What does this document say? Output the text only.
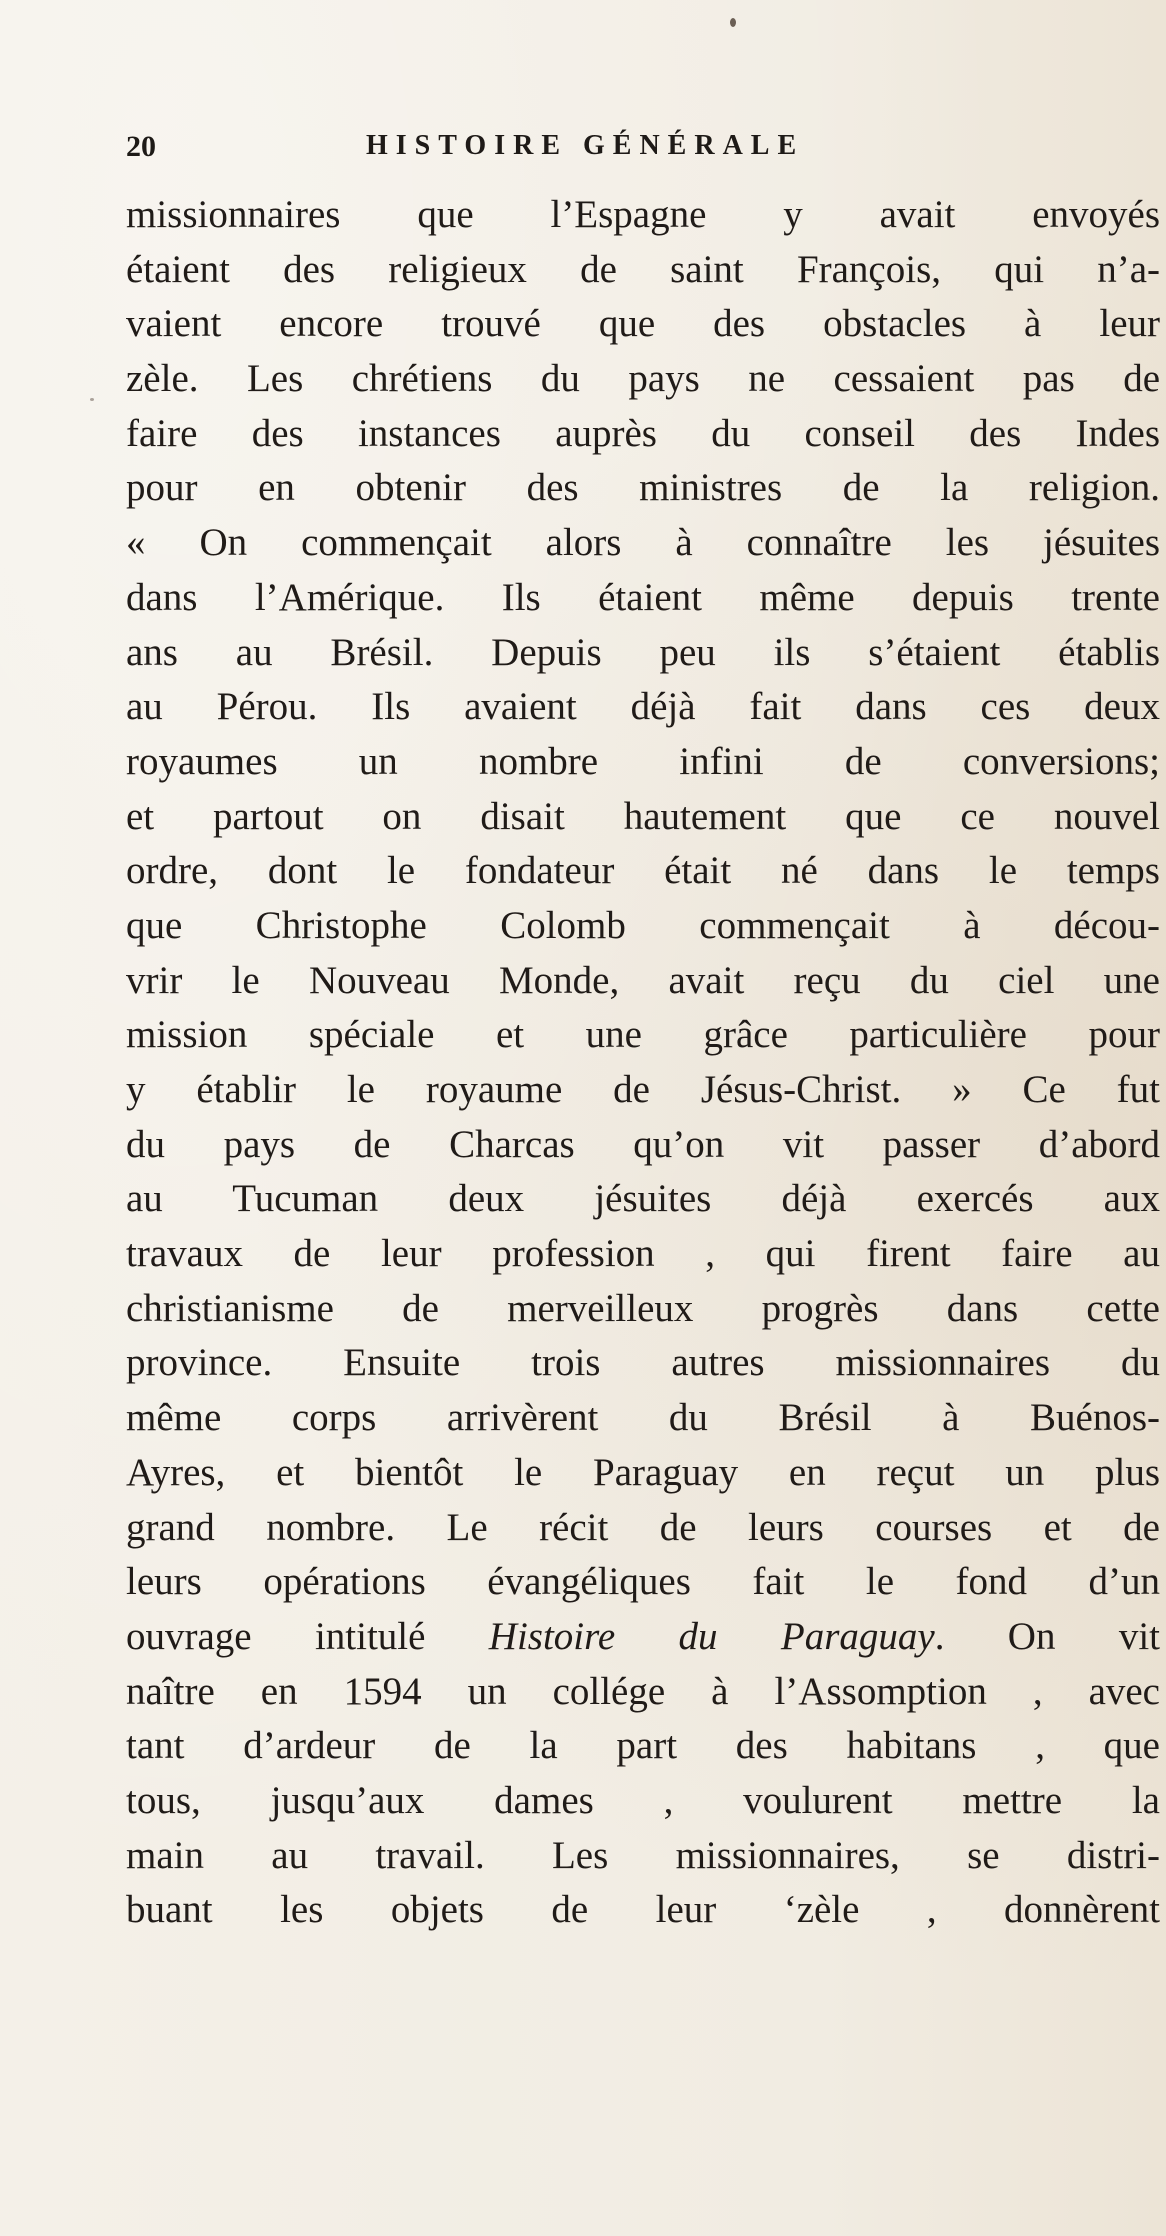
20	HISTOIRE GÉNÉRALE
missionnaires que l’Espagne y avait envoyés
étaient des religieux de saint François, qui n’a-
vaient encore trouvé que des obstacles à leur
zèle. Les chrétiens du pays ne cessaient pas de
faire des instances auprès du conseil des Indes
pour en obtenir des ministres de la religion.
« On commençait alors à connaître les jésuites
dans l’Amérique. Ils étaient même depuis trente
ans au Brésil. Depuis peu ils s’étaient établis
au Pérou. Ils avaient déjà fait dans ces deux
royaumes un nombre infini de conversions;
et partout on disait hautement que ce nouvel
ordre, dont le fondateur était né dans le temps
que Christophe Colomb commençait à décou-
vrir le Nouveau Monde, avait reçu du ciel une
mission spéciale et une grâce particulière pour
y établir le royaume de Jésus-Christ. » Ce fut
du pays de Charcas qu’on vit passer d’abord
au Tucuman deux jésuites déjà exercés aux
travaux de leur profession , qui firent faire au
christianisme de merveilleux progrès dans cette
province. Ensuite trois autres missionnaires du
même corps arrivèrent du Brésil à Buénos-
Ayres, et bientôt le Paraguay en reçut un plus
grand nombre. Le récit de leurs courses et de
leurs opérations évangéliques fait le fond d’un
ouvrage intitulé Histoire du Paraguay. On vit
naître en 1594 un collége à l’Assomption , avec
tant d’ardeur de la part des habitans , que
tous, jusqu’aux dames , voulurent mettre la
main au travail. Les missionnaires, se distri-
buant les objets de leur ‘zèle , donnèrent
